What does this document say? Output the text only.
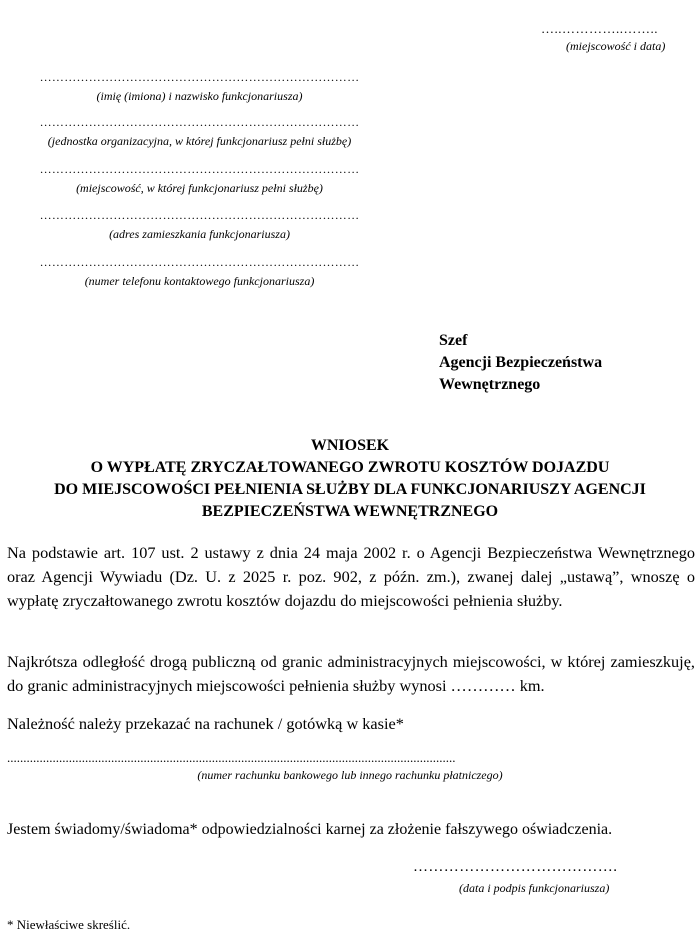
…..…………..……..
(miejscowość i data)
……………………………………………………………………
(imię (imiona) i nazwisko funkcjonariusza)
……………………………………………………………………
(jednostka organizacyjna, w której funkcjonariusz pełni służbę)
……………………………………………………………………
(miejscowość, w której funkcjonariusz pełni służbę)
……………………………………………………………………
(adres zamieszkania funkcjonariusza)
……………………………………………………………………
(numer telefonu kontaktowego funkcjonariusza)
Szef
Agencji Bezpieczeństwa
Wewnętrznego
WNIOSEK
O WYPŁATĘ ZRYCZAŁTOWANEGO ZWROTU KOSZTÓW DOJAZDU
DO MIEJSCOWOŚCI PEŁNIENIA SŁUŻBY DLA FUNKCJONARIUSZY AGENCJI
BEZPIECZEŃSTWA WEWNĘTRZNEGO
Na podstawie art. 107 ust. 2 ustawy z dnia 24 maja 2002 r. o Agencji Bezpieczeństwa Wewnętrznego oraz Agencji Wywiadu (Dz. U. z 2025 r. poz. 902, z późn. zm.), zwanej dalej „ustawą”, wnoszę o wypłatę zryczałtowanego zwrotu kosztów dojazdu do miejscowości pełnienia służby.
Najkrótsza odległość drogą publiczną od granic administracyjnych miejscowości, w której zamieszkuję, do granic administracyjnych miejscowości pełnienia służby wynosi ………… km.
Należność należy przekazać na rachunek / gotówką w kasie*
..........................................................................................................................................
(numer rachunku bankowego lub innego rachunku płatniczego)
Jestem świadomy/świadoma* odpowiedzialności karnej za złożenie fałszywego oświadczenia.
………………………………….
(data i podpis funkcjonariusza)
* Niewłaściwe skreślić.
